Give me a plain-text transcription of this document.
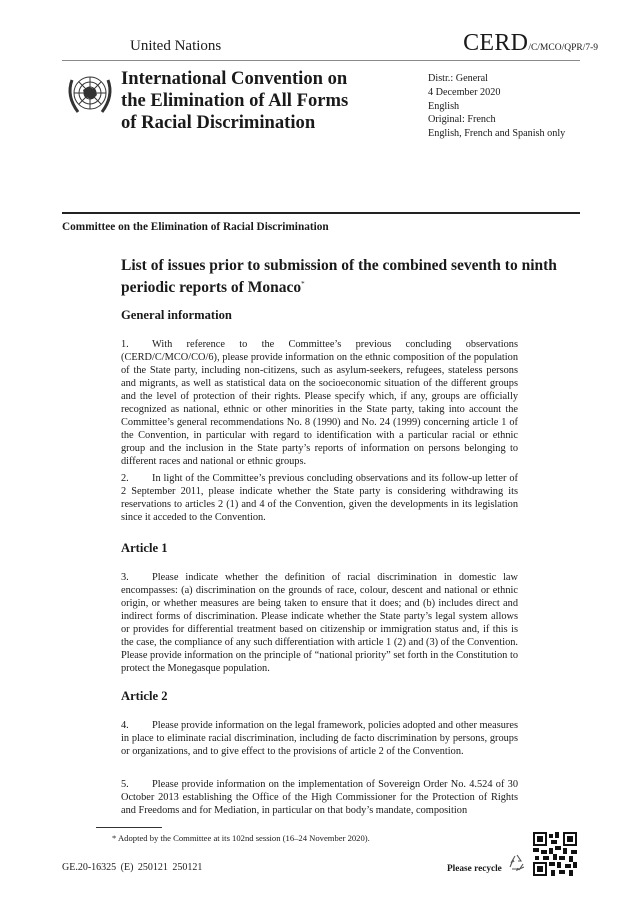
United Nations	CERD/C/MCO/QPR/7-9
International Convention on
the Elimination of All Forms
of Racial Discrimination
Distr.: General
4 December 2020
English
Original: French
English, French and Spanish only
Committee on the Elimination of Racial Discrimination
List of issues prior to submission of the combined seventh to ninth periodic reports of Monaco*
General information
1. With reference to the Committee’s previous concluding observations (CERD/C/MCO/CO/6), please provide information on the ethnic composition of the population of the State party, including non-citizens, such as asylum-seekers, refugees, stateless persons and migrants, as well as statistical data on the socioeconomic situation of the different groups and the level of protection of their rights. Please specify which, if any, groups are officially recognized as national, ethnic or other minorities in the State party, taking into account the Committee’s general recommendations No. 8 (1990) and No. 24 (1999) concerning article 1 of the Convention, in particular with regard to identification with a particular racial or ethnic group and the inclusion in the State party’s reports of information on persons belonging to different races and national or ethnic groups.
2. In light of the Committee’s previous concluding observations and its follow-up letter of 2 September 2011, please indicate whether the State party is considering withdrawing its reservations to articles 2 (1) and 4 of the Convention, given the developments in its legislation since it acceded to the Convention.
Article 1
3. Please indicate whether the definition of racial discrimination in domestic law encompasses: (a) discrimination on the grounds of race, colour, descent and national or ethnic origin, or whether measures are being taken to ensure that it does; and (b) includes direct and indirect forms of discrimination. Please indicate whether the State party’s legal system allows or provides for differential treatment based on citizenship or immigration status and, if this is the case, the compliance of any such differentiation with article 1 (2) and (3) of the Convention. Please provide information on the principle of “national priority” set forth in the Constitution to protect the Monegasque population.
Article 2
4. Please provide information on the legal framework, policies adopted and other measures in place to eliminate racial discrimination, including de facto discrimination by persons, groups or organizations, and to give effect to the provisions of article 2 of the Convention.
5. Please provide information on the implementation of Sovereign Order No. 4.524 of 30 October 2013 establishing the Office of the High Commissioner for the Protection of Rights and Freedoms and for Mediation, in particular on that body’s mandate, composition
* Adopted by the Committee at its 102nd session (16–24 November 2020).
GE.20-16325 (E) 250121 250121	Please recycle
